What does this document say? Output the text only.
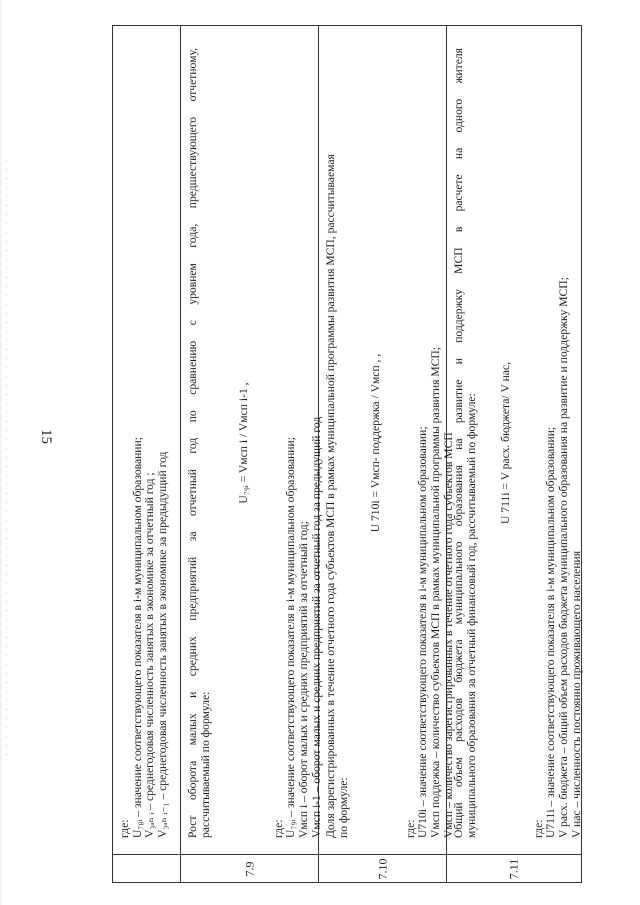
15

где: U₇₈ᵢ – значение соответствующего показателя в i-м муниципальном образовании; V₃ₐₙ ᵢ – среднегодовая численность занятых в экономике за отчетный год ; V₃ₐₙ ᵢ₋₁ – среднегодовая численность занятых в экономике за предыдущий год

7.9

Рост оборота малых и средних предприятий за отчетный год по сравнению с уровнем года, предшествующего отчетному, рассчитываемый по формуле:

U₇₉ᵢ = Vмсп i / Vмсп i-1 ,

где: U₇₉ᵢ – значение соответствующего показателя в i-м муниципальном образовании; Vмсп i – оборот малых и средних предприятий за отчетный год; Vмсп i-1 – оборот малых и средних предприятий за отчетный год за предыдущий год

7.10

Доля зарегистрированных в течение отчетного года субъектов МСП в рамках муниципальной программы развития МСП, рассчитываемая по формуле:

U 710i = Vмсп- поддержка / Vмсп , ,

где: U710i – значение соответствующего показателя в i-м муниципальном образовании; Vмсп поддежка – количество субъектов МСП в рамках муниципальной программы развития МСП; Vмсп – количество зарегистрированных в течение отчетного года субъектов МСП

7.11

Общий объем расходов бюджета муниципального образования на развитие и поддержку МСП в расчете на одного жителя муниципального образования за отчетный финансовый год, рассчитываемый по формуле: U 711i = V расх. бюджета/ V нас,

где: U711i – значение соответствующего показателя в i-м муниципальном образовании; V расх. бюджета – общий объем расходов бюджета муниципального образования на развитие и поддержку МСП; V нас – численность постоянно проживающего населения
